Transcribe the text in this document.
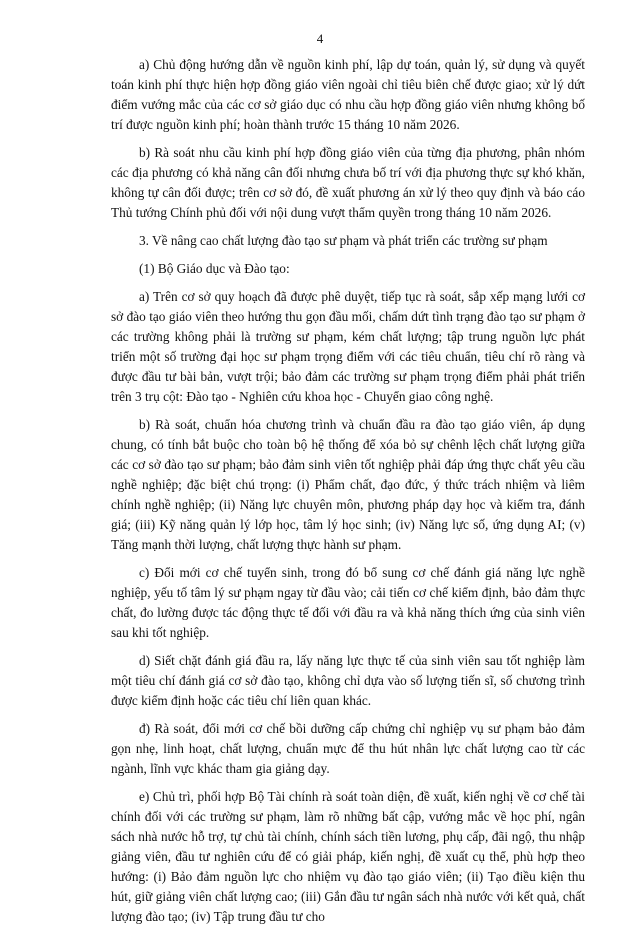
4

a) Chủ động hướng dẫn về nguồn kinh phí, lập dự toán, quản lý, sử dụng và quyết toán kinh phí thực hiện hợp đồng giáo viên ngoài chỉ tiêu biên chế được giao; xử lý dứt điểm vướng mắc của các cơ sở giáo dục có nhu cầu hợp đồng giáo viên nhưng không bố trí được nguồn kinh phí; hoàn thành trước 15 tháng 10 năm 2026.

b) Rà soát nhu cầu kinh phí hợp đồng giáo viên của từng địa phương, phân nhóm các địa phương có khả năng cân đối nhưng chưa bố trí với địa phương thực sự khó khăn, không tự cân đối được; trên cơ sở đó, đề xuất phương án xử lý theo quy định và báo cáo Thủ tướng Chính phủ đối với nội dung vượt thẩm quyền trong tháng 10 năm 2026.

3. Về nâng cao chất lượng đào tạo sư phạm và phát triển các trường sư phạm

(1) Bộ Giáo dục và Đào tạo:

a) Trên cơ sở quy hoạch đã được phê duyệt, tiếp tục rà soát, sắp xếp mạng lưới cơ sở đào tạo giáo viên theo hướng thu gọn đầu mối, chấm dứt tình trạng đào tạo sư phạm ở các trường không phải là trường sư phạm, kém chất lượng; tập trung nguồn lực phát triển một số trường đại học sư phạm trọng điểm với các tiêu chuẩn, tiêu chí rõ ràng và được đầu tư bài bản, vượt trội; bảo đảm các trường sư phạm trọng điểm phải phát triển trên 3 trụ cột: Đào tạo - Nghiên cứu khoa học - Chuyển giao công nghệ.

b) Rà soát, chuẩn hóa chương trình và chuẩn đầu ra đào tạo giáo viên, áp dụng chung, có tính bắt buộc cho toàn bộ hệ thống để xóa bỏ sự chênh lệch chất lượng giữa các cơ sở đào tạo sư phạm; bảo đảm sinh viên tốt nghiệp phải đáp ứng thực chất yêu cầu nghề nghiệp; đặc biệt chú trọng: (i) Phẩm chất, đạo đức, ý thức trách nhiệm và liêm chính nghề nghiệp; (ii) Năng lực chuyên môn, phương pháp dạy học và kiểm tra, đánh giá; (iii) Kỹ năng quản lý lớp học, tâm lý học sinh; (iv) Năng lực số, ứng dụng AI; (v) Tăng mạnh thời lượng, chất lượng thực hành sư phạm.

c) Đổi mới cơ chế tuyển sinh, trong đó bổ sung cơ chế đánh giá năng lực nghề nghiệp, yếu tố tâm lý sư phạm ngay từ đầu vào; cải tiến cơ chế kiểm định, bảo đảm thực chất, đo lường được tác động thực tế đối với đầu ra và khả năng thích ứng của sinh viên sau khi tốt nghiệp.

d) Siết chặt đánh giá đầu ra, lấy năng lực thực tế của sinh viên sau tốt nghiệp làm một tiêu chí đánh giá cơ sở đào tạo, không chỉ dựa vào số lượng tiến sĩ, số chương trình được kiểm định hoặc các tiêu chí liên quan khác.

đ) Rà soát, đổi mới cơ chế bồi dưỡng cấp chứng chỉ nghiệp vụ sư phạm bảo đảm gọn nhẹ, linh hoạt, chất lượng, chuẩn mực để thu hút nhân lực chất lượng cao từ các ngành, lĩnh vực khác tham gia giảng dạy.

e) Chủ trì, phối hợp Bộ Tài chính rà soát toàn diện, đề xuất, kiến nghị về cơ chế tài chính đối với các trường sư phạm, làm rõ những bất cập, vướng mắc về học phí, ngân sách nhà nước hỗ trợ, tự chủ tài chính, chính sách tiền lương, phụ cấp, đãi ngộ, thu nhập giảng viên, đầu tư nghiên cứu để có giải pháp, kiến nghị, đề xuất cụ thể, phù hợp theo hướng: (i) Bảo đảm nguồn lực cho nhiệm vụ đào tạo giáo viên; (ii) Tạo điều kiện thu hút, giữ giảng viên chất lượng cao; (iii) Gắn đầu tư ngân sách nhà nước với kết quả, chất lượng đào tạo; (iv) Tập trung đầu tư cho
